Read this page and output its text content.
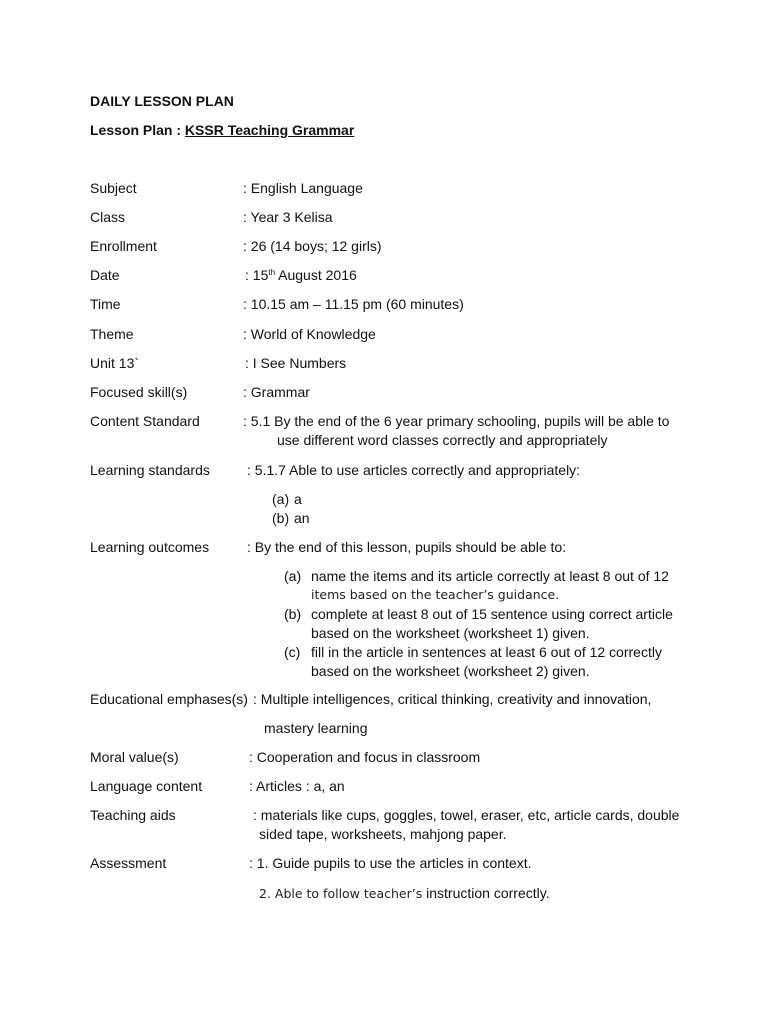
DAILY LESSON PLAN
Lesson Plan : KSSR Teaching Grammar
Subject	: English Language
Class	: Year 3 Kelisa
Enrollment	: 26 (14 boys; 12 girls)
Date	: 15th August 2016
Time	: 10.15 am – 11.15 pm (60 minutes)
Theme	: World of Knowledge
Unit 13`	: I See Numbers
Focused skill(s)	: Grammar
Content Standard	: 5.1 By the end of the 6 year primary schooling, pupils will be able to
use different word classes correctly and appropriately
Learning standards	: 5.1.7 Able to use articles correctly and appropriately:
(a) a
(b) an
Learning outcomes	: By the end of this lesson, pupils should be able to:
(a) name the items and its article correctly at least 8 out of 12
items based on the teacher’s guidance.
(b) complete at least 8 out of 15 sentence using correct article
based on the worksheet (worksheet 1) given.
(c) fill in the article in sentences at least 6 out of 12 correctly
based on the worksheet (worksheet 2) given.
Educational emphases(s) : Multiple intelligences, critical thinking, creativity and innovation,
mastery learning
Moral value(s)	: Cooperation and focus in classroom
Language content	: Articles : a, an
Teaching aids	: materials like cups, goggles, towel, eraser, etc, article cards, double
sided tape, worksheets, mahjong paper.
Assessment	: 1. Guide pupils to use the articles in context.
2. Able to follow teacher’s instruction correctly.
